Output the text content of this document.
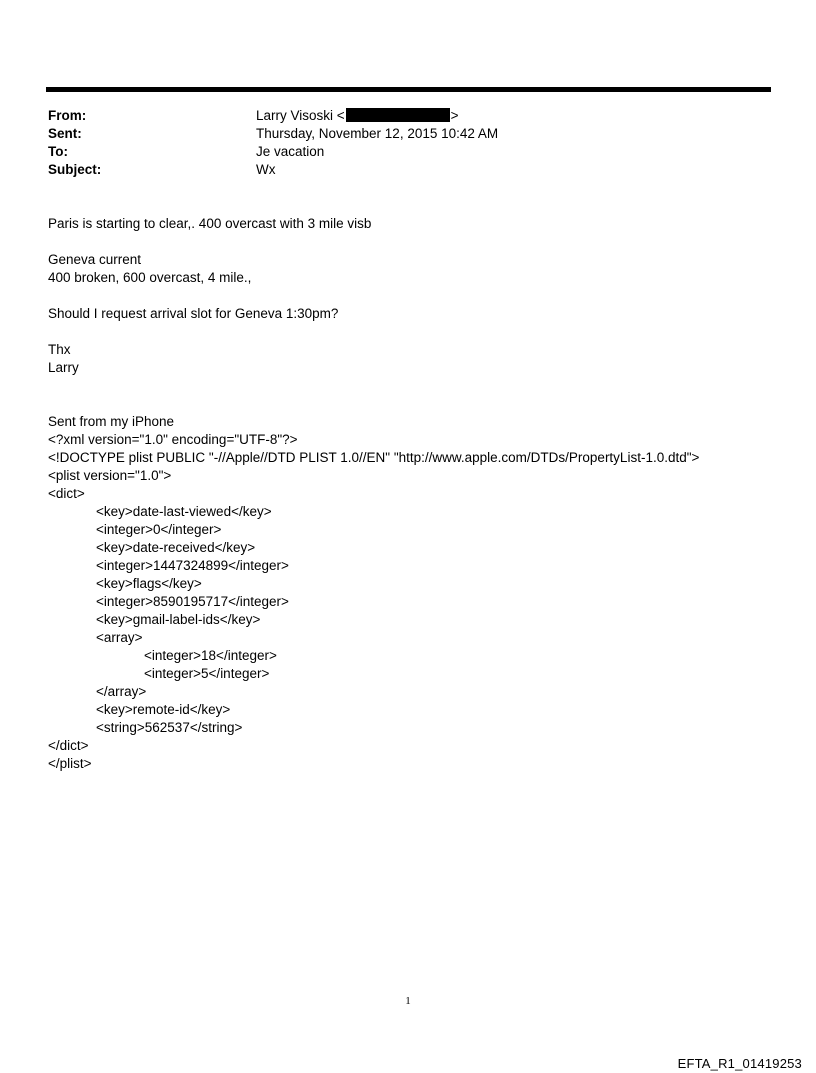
From:	Larry Visoski <	>
Sent:	Thursday, November 12, 2015 10:42 AM
To:	Je vacation
Subject:	Wx
Paris is starting to clear,. 400 overcast with 3 mile visb
Geneva current
400 broken, 600 overcast, 4 mile.,
Should I request arrival slot for Geneva 1:30pm?
Thx
Larry
Sent from my iPhone
<?xml version="1.0" encoding="UTF-8"?>
<!DOCTYPE plist PUBLIC "-//Apple//DTD PLIST 1.0//EN" "http://www.apple.com/DTDs/PropertyList-1.0.dtd">
<plist version="1.0">
<dict>
<key>date-last-viewed</key>
<integer>0</integer>
<key>date-received</key>
<integer>1447324899</integer>
<key>flags</key>
<integer>8590195717</integer>
<key>gmail-label-ids</key>
<array>
<integer>18</integer>
<integer>5</integer>
</array>
<key>remote-id</key>
<string>562537</string>
</dict>
</plist>
1
EFTA_R1_01419253
